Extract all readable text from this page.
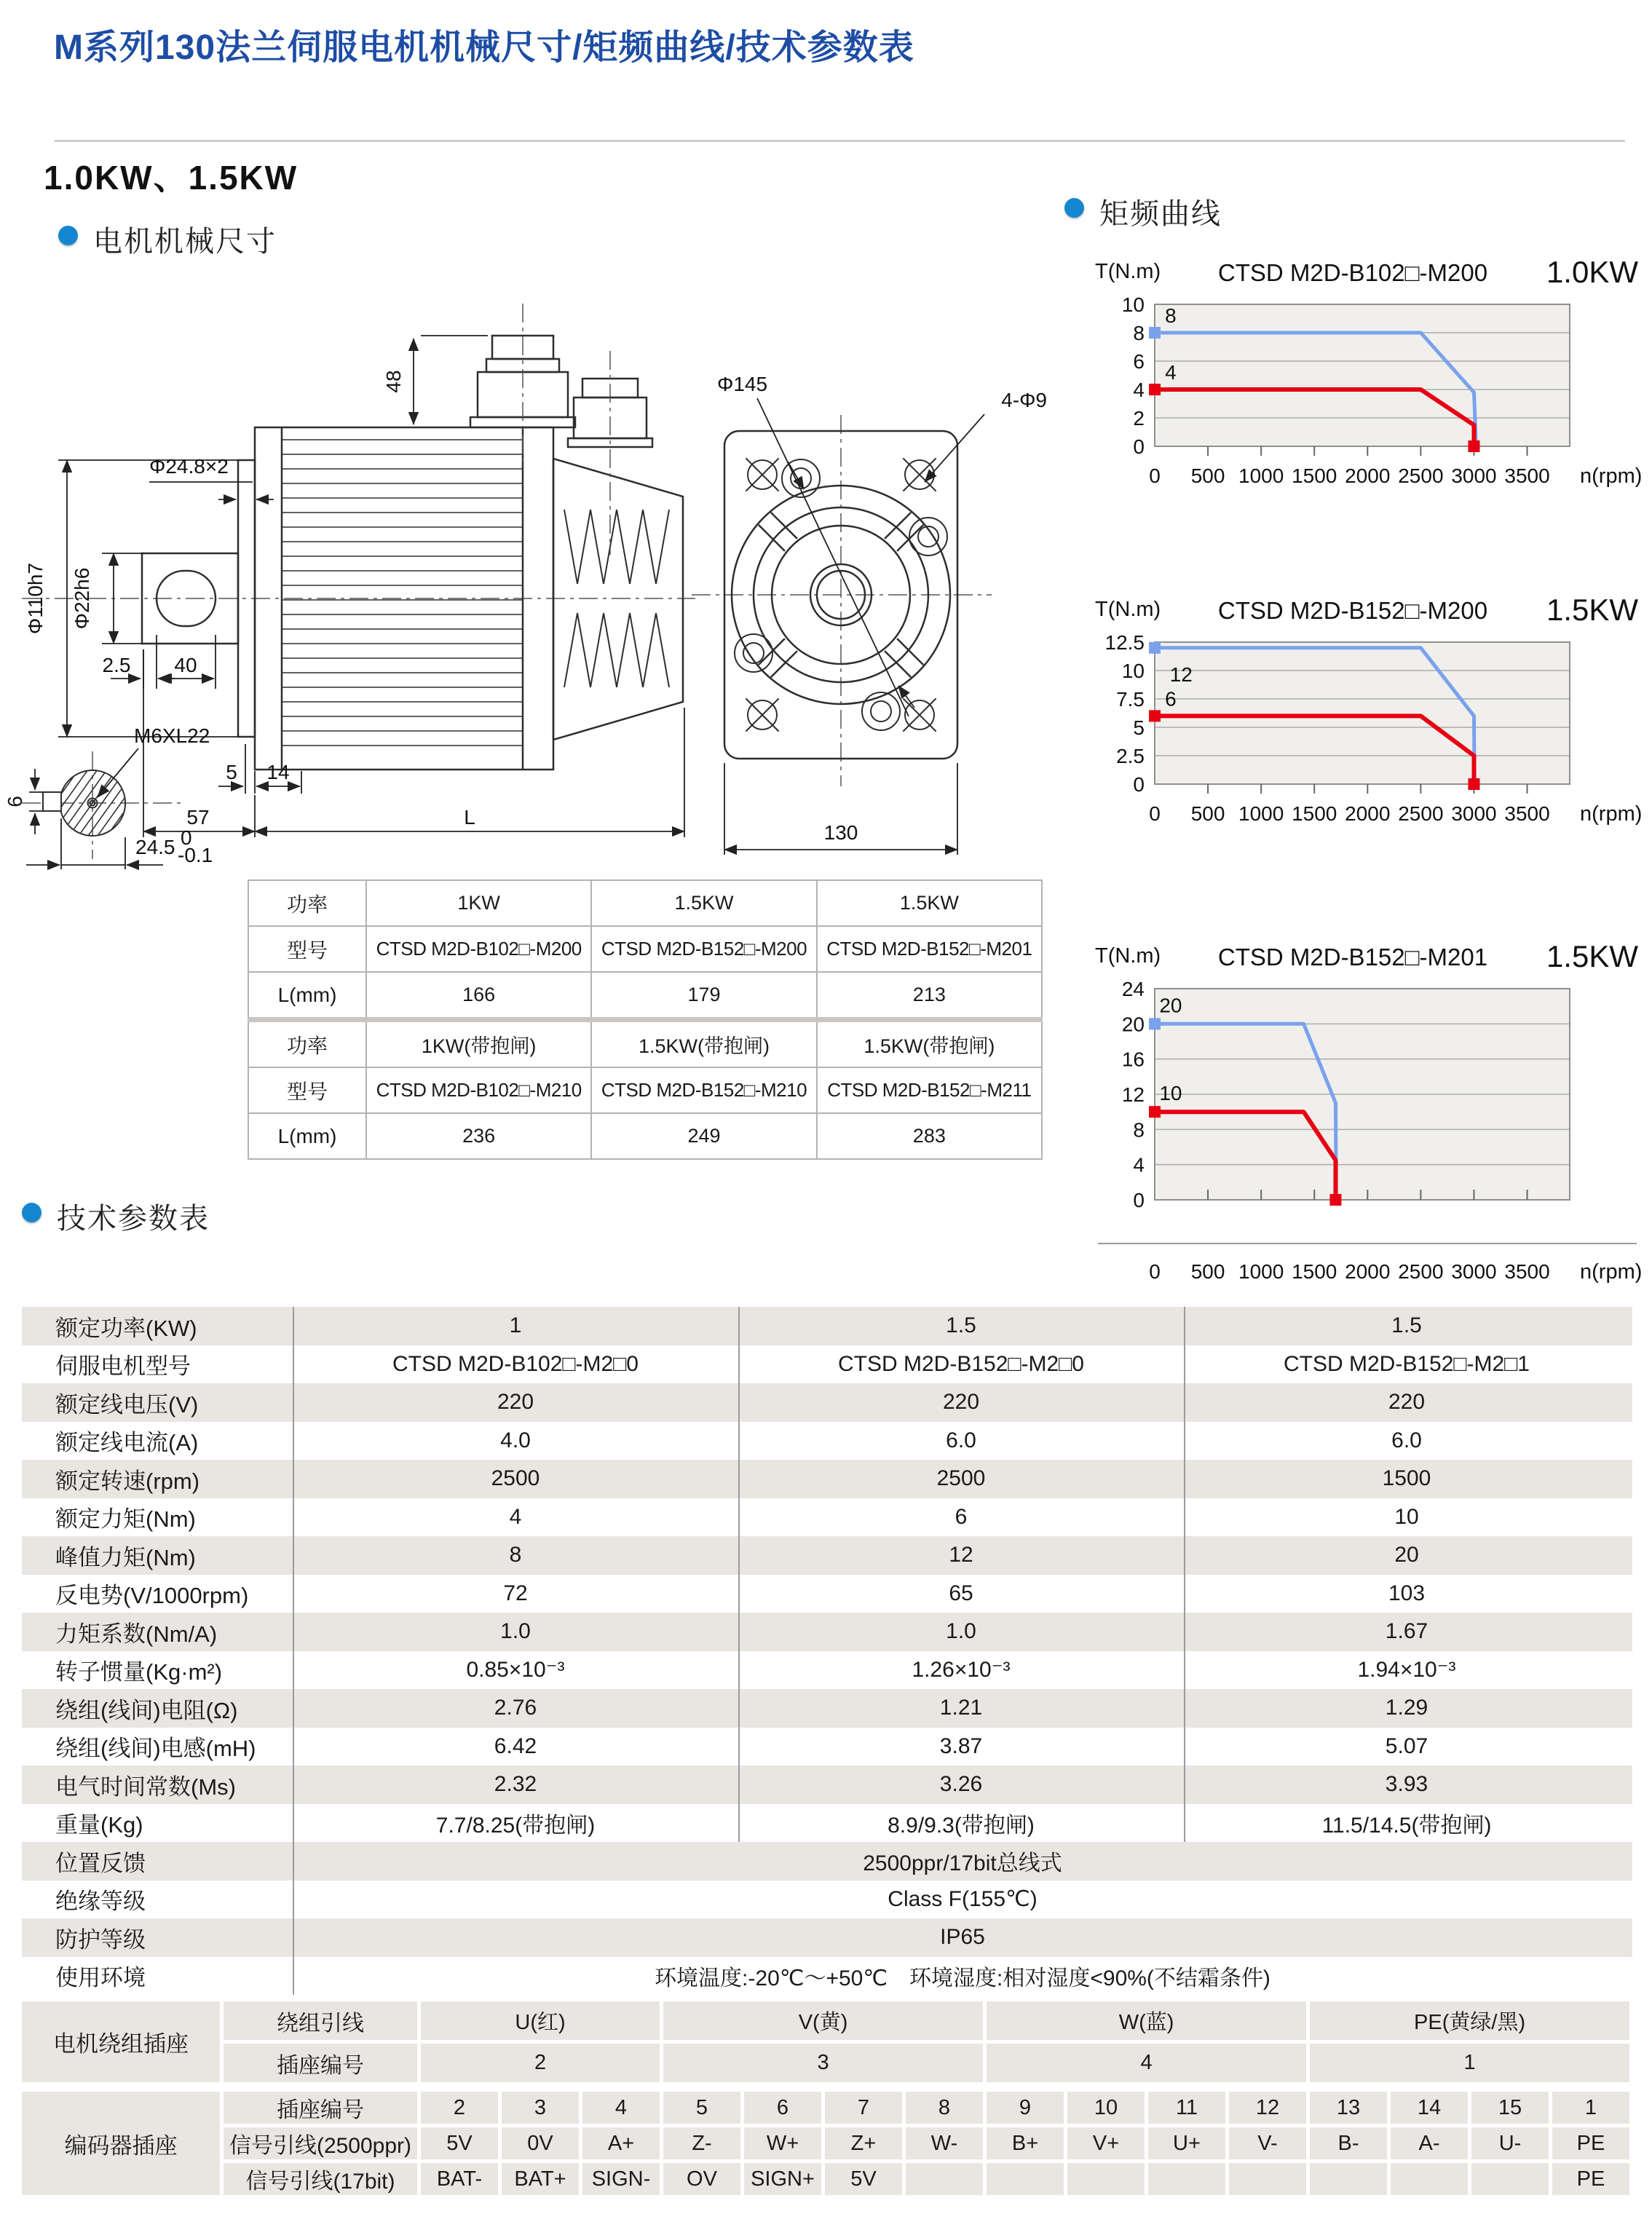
M系列130法兰伺服电机机械尺寸/矩频曲线/技术参数表
1.0KW、1.5KW
电机机械尺寸
矩频曲线
技术参数表
48
Φ24.8×2
Φ110h7 Φ22h6
2.5 40
5 14
57	L
Φ145
4-Φ9
130
M6XL22
6
24.5 0
-0.1
功率	1KW	1.5KW	1.5KW
型号	CTSD M2D-B102□-M200	CTSD M2D-B152□-M200	CTSD M2D-B152□-M201
L(mm)	166	179	213
功率	1KW(带抱闸)	1.5KW(带抱闸)	1.5KW(带抱闸)
型号	CTSD M2D-B102□-M210	CTSD M2D-B152□-M210	CTSD M2D-B152□-M211
L(mm)	236	249	283
0
2
4
6
8
10
0 500 1000 1500 2000 2500 3000 3500 n(rpm)
T(N.m) CTSD M2D-B102□-M200 1.0KW
8
4
0
2.5
5
7.5
10
12.5
0 500 1000 1500 2000 2500 3000 3500 n(rpm)
T(N.m) CTSD M2D-B152□-M200 1.5KW
12
6
0
4
8
12
16
20
24
0 500 1000 1500 2000 2500 3000 3500 n(rpm)
T(N.m) CTSD M2D-B152□-M201 1.5KW
20
10
额定功率(KW)	1	1.5	1.5
伺服电机型号	CTSD M2D-B102□-M2□0	CTSD M2D-B152□-M2□0	CTSD M2D-B152□-M2□1
额定线电压(V)	220	220	220
额定线电流(A)	4.0	6.0	6.0
额定转速(rpm)	2500	2500	1500
额定力矩(Nm)	4	6	10
峰值力矩(Nm)	8	12	20
反电势(V/1000rpm)	72	65	103
力矩系数(Nm/A)	1.0	1.0	1.67
转子惯量(Kg·m²)	0.85×10⁻³	1.26×10⁻³	1.94×10⁻³
绕组(线间)电阻(Ω)	2.76	1.21	1.29
绕组(线间)电感(mH)	6.42	3.87	5.07
电气时间常数(Ms)	2.32	3.26	3.93
重量(Kg)	7.7/8.25(带抱闸)	8.9/9.3(带抱闸)	11.5/14.5(带抱闸)
位置反馈	2500ppr/17bit总线式
绝缘等级	Class F(155℃)
防护等级	IP65
使用环境	环境温度:-20℃～+50℃　环境湿度:相对湿度<90%(不结霜条件)
电机绕组插座	绕组引线	U(红)	V(黄)	W(蓝)	PE(黄绿/黑)
	插座编号	2	3	4	1
编码器插座	插座编号	2	3	4	5	6	7	8	9	10	11	12	13	14	15	1
	信号引线(2500ppr)	5V	0V	A+	Z-	W+	Z+	W-	B+	V+	U+	V-	B-	A-	U-	PE
	信号引线(17bit)	BAT-	BAT+	SIGN-	OV	SIGN+	5V									PE
